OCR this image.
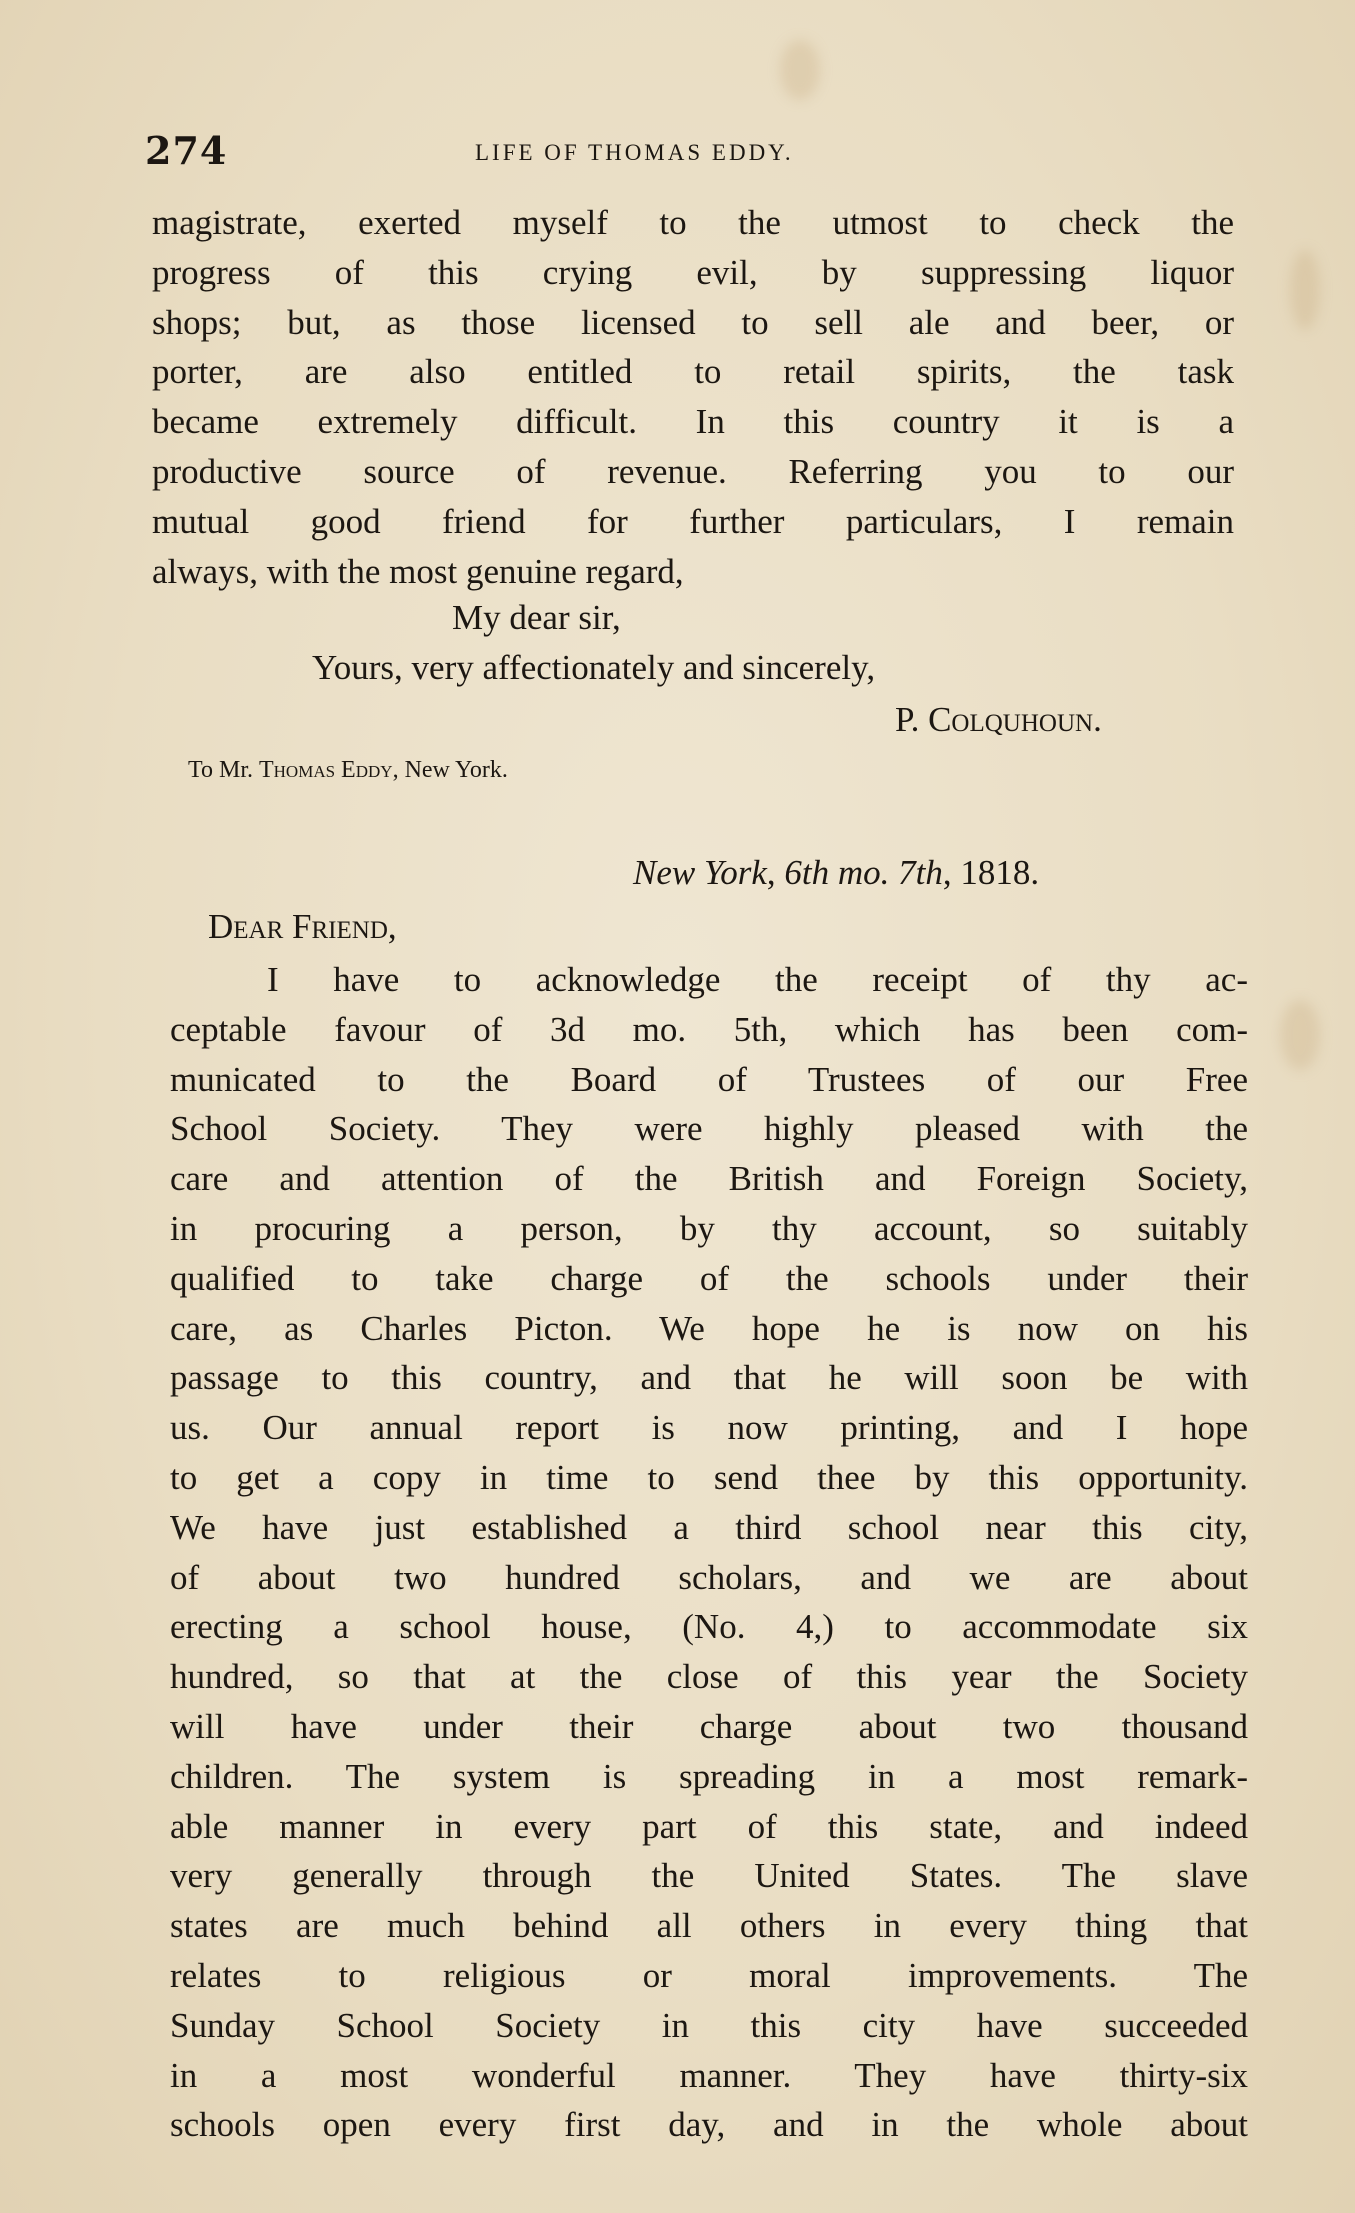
274	LIFE OF THOMAS EDDY.
magistrate, exerted myself to the utmost to check the
progress of this crying evil, by suppressing liquor
shops; but, as those licensed to sell ale and beer, or
porter, are also entitled to retail spirits, the task
became extremely difficult. In this country it is a
productive source of revenue. Referring you to our
mutual good friend for further particulars, I remain
always, with the most genuine regard,
My dear sir,
Yours, very affectionately and sincerely,
P. Colquhoun.
To Mr. Thomas Eddy, New York.
New York, 6th mo. 7th, 1818.
Dear Friend,
I have to acknowledge the receipt of thy ac-
ceptable favour of 3d mo. 5th, which has been com-
municated to the Board of Trustees of our Free
School Society. They were highly pleased with the
care and attention of the British and Foreign Society,
in procuring a person, by thy account, so suitably
qualified to take charge of the schools under their
care, as Charles Picton. We hope he is now on his
passage to this country, and that he will soon be with
us. Our annual report is now printing, and I hope
to get a copy in time to send thee by this opportunity.
We have just established a third school near this city,
of about two hundred scholars, and we are about
erecting a school house, (No. 4,) to accommodate six
hundred, so that at the close of this year the Society
will have under their charge about two thousand
children. The system is spreading in a most remark-
able manner in every part of this state, and indeed
very generally through the United States. The slave
states are much behind all others in every thing that
relates to religious or moral improvements. The
Sunday School Society in this city have succeeded
in a most wonderful manner. They have thirty-six
schools open every first day, and in the whole about
